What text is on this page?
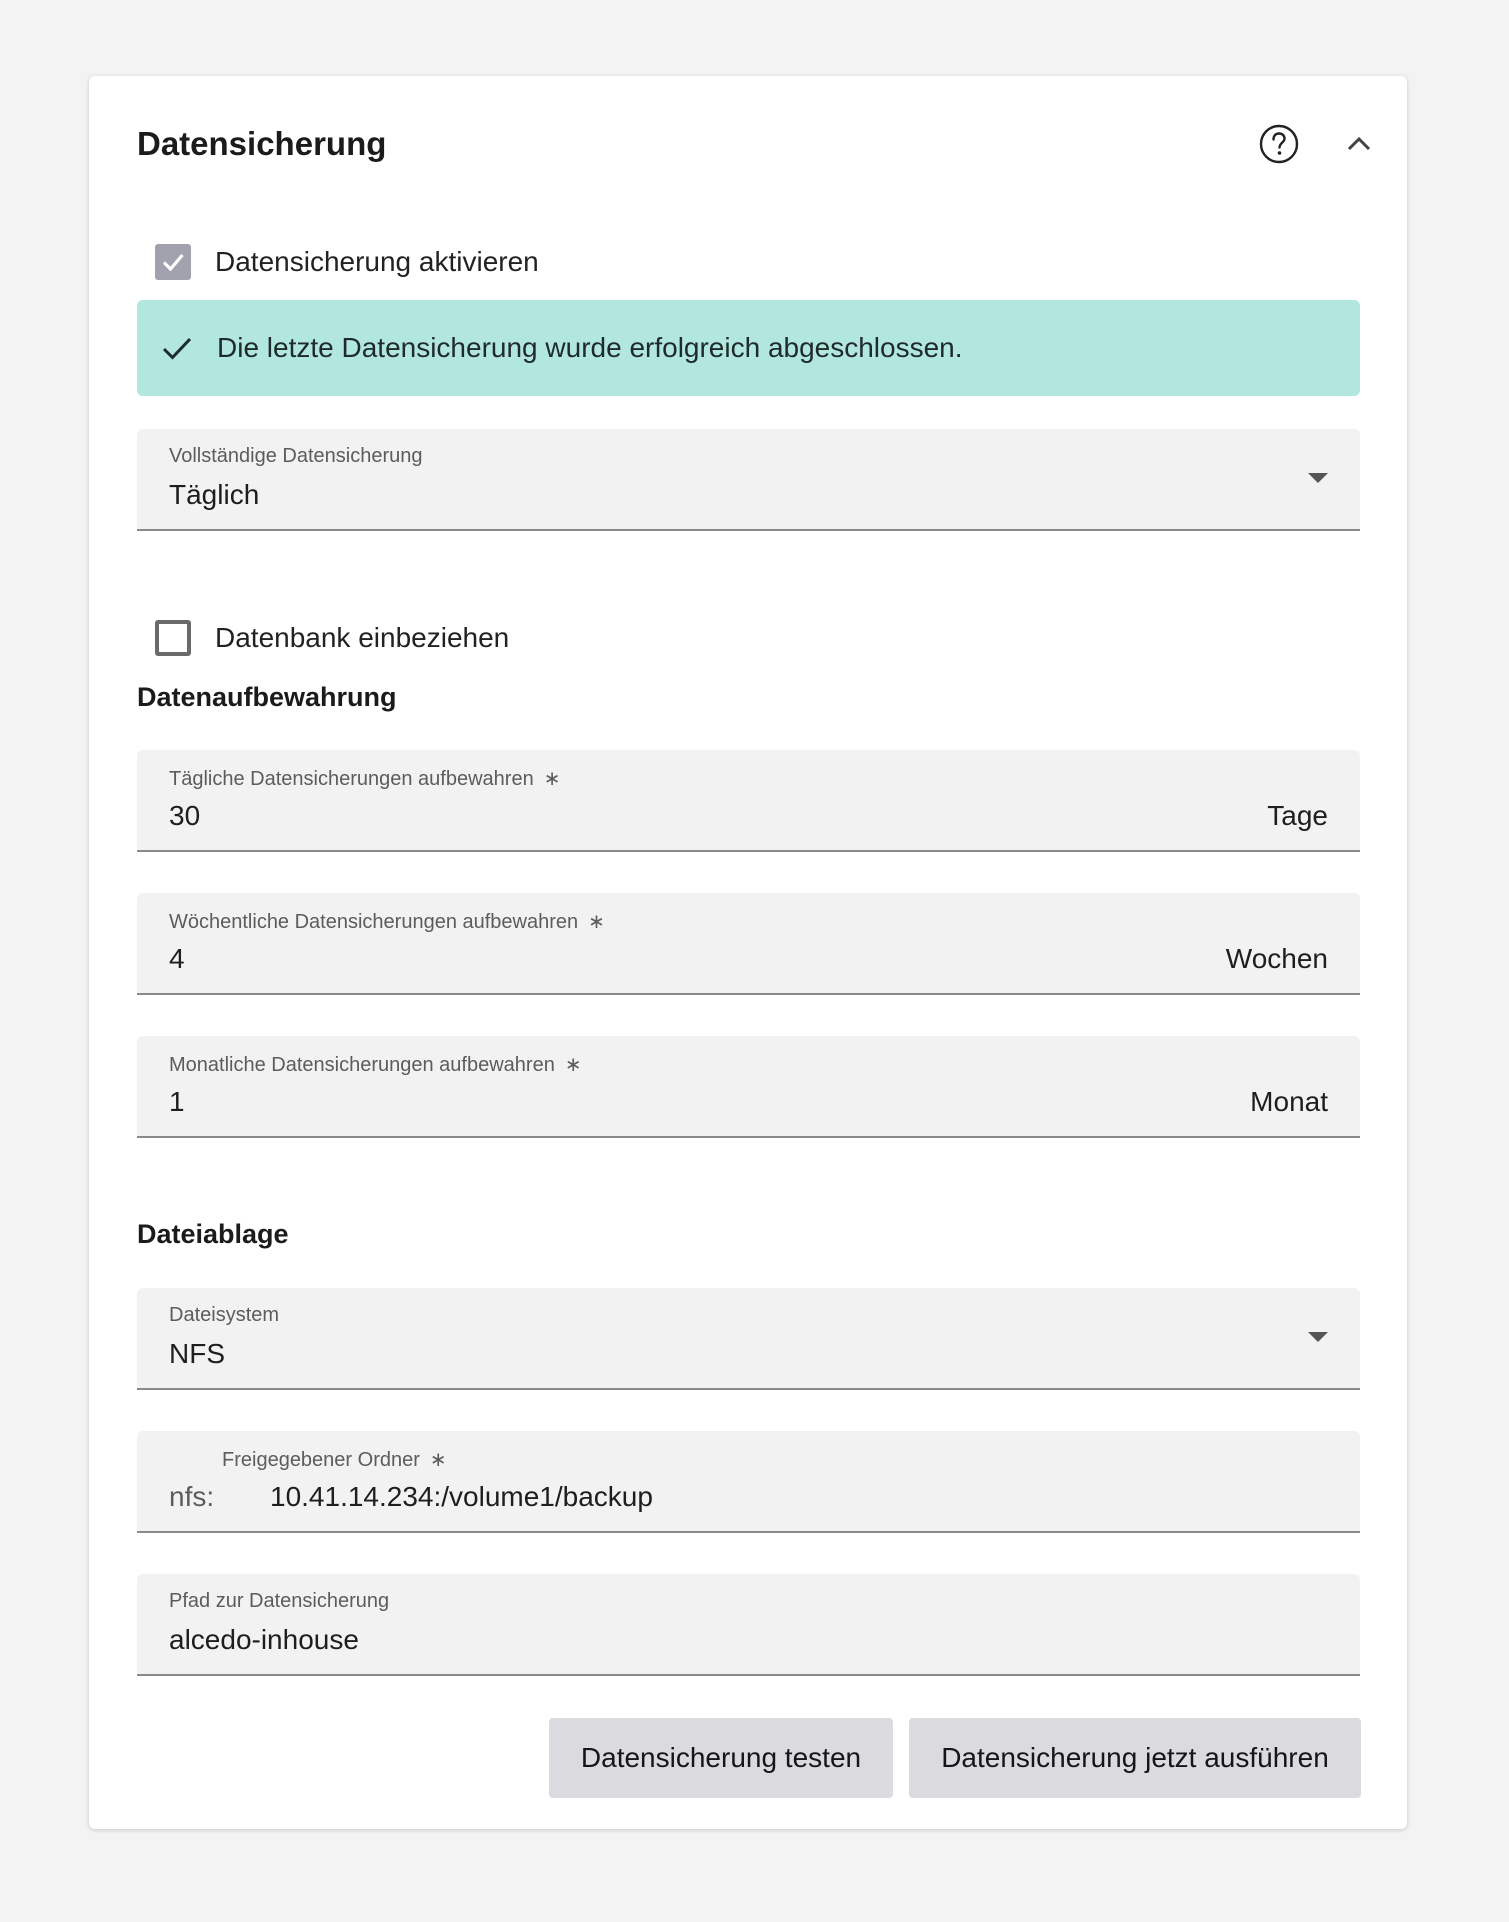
Datensicherung
Datensicherung aktivieren
Die letzte Datensicherung wurde erfolgreich abgeschlossen.
Vollständige Datensicherung
Täglich
Datenbank einbeziehen
Datenaufbewahrung
Tägliche Datensicherungen aufbewahren ∗
30	Tage
Wöchentliche Datensicherungen aufbewahren ∗
4	Wochen
Monatliche Datensicherungen aufbewahren ∗
1	Monat
Dateiablage
Dateisystem
NFS
Freigegebener Ordner ∗
nfs: 10.41.14.234:/volume1/backup
Pfad zur Datensicherung
alcedo-inhouse
Datensicherung testen	Datensicherung jetzt ausführen
